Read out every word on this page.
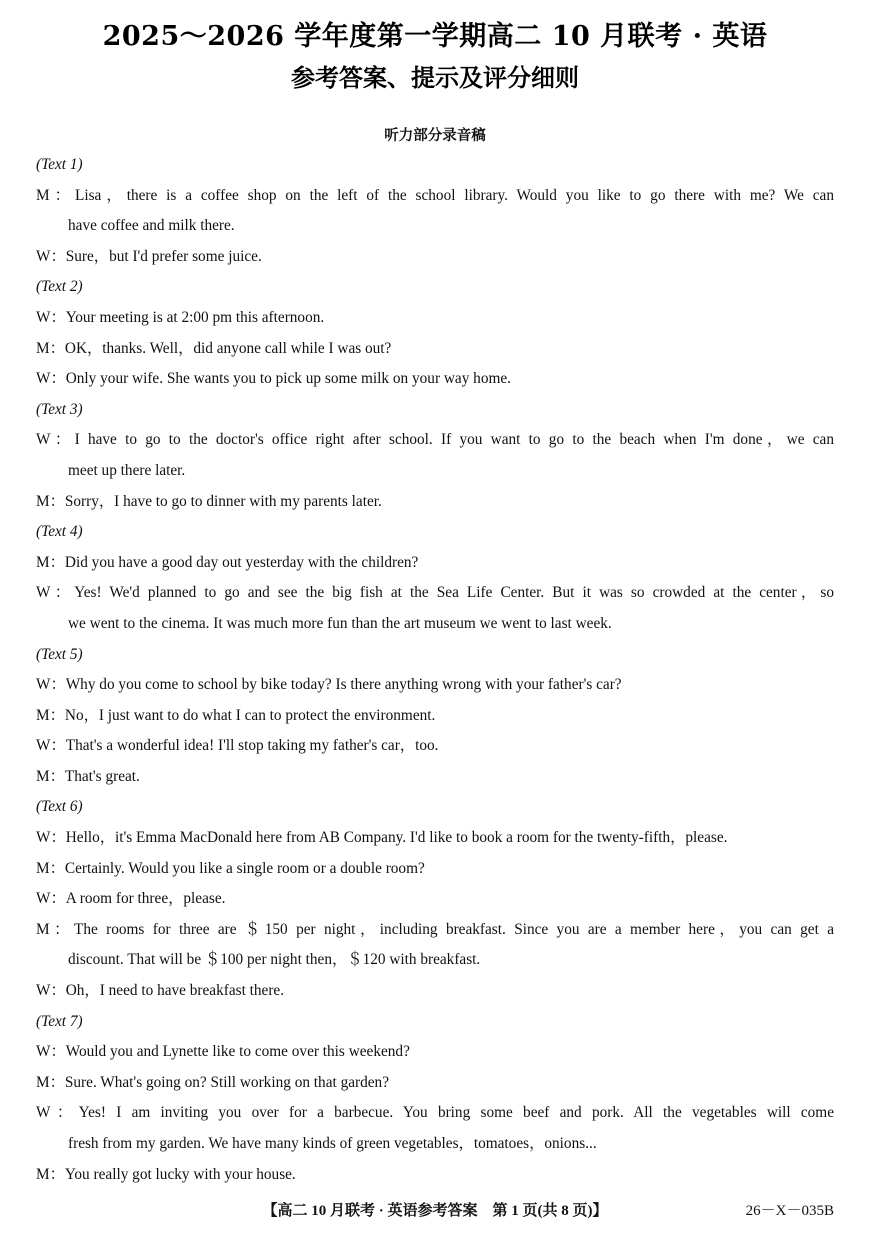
2025～2026 学年度第一学期高二 10 月联考 · 英语
参考答案、提示及评分细则
听力部分录音稿
(Text 1)
M：Lisa，there is a coffee shop on the left of the school library. Would you like to go there with me? We can
have coffee and milk there.
W：Sure，but I'd prefer some juice.
(Text 2)
W：Your meeting is at 2:00 pm this afternoon.
M：OK，thanks. Well，did anyone call while I was out?
W：Only your wife. She wants you to pick up some milk on your way home.
(Text 3)
W：I have to go to the doctor's office right after school. If you want to go to the beach when I'm done，we can
meet up there later.
M：Sorry，I have to go to dinner with my parents later.
(Text 4)
M：Did you have a good day out yesterday with the children?
W：Yes! We'd planned to go and see the big fish at the Sea Life Center. But it was so crowded at the center，so
we went to the cinema. It was much more fun than the art museum we went to last week.
(Text 5)
W：Why do you come to school by bike today? Is there anything wrong with your father's car?
M：No，I just want to do what I can to protect the environment.
W：That's a wonderful idea! I'll stop taking my father's car，too.
M：That's great.
(Text 6)
W：Hello，it's Emma MacDonald here from AB Company. I'd like to book a room for the twenty-fifth，please.
M：Certainly. Would you like a single room or a double room?
W：A room for three，please.
M：The rooms for three are ＄150 per night，including breakfast. Since you are a member here，you can get a
discount. That will be ＄100 per night then，＄120 with breakfast.
W：Oh，I need to have breakfast there.
(Text 7)
W：Would you and Lynette like to come over this weekend?
M：Sure. What's going on? Still working on that garden?
W：Yes! I am inviting you over for a barbecue. You bring some beef and pork. All the vegetables will come
fresh from my garden. We have many kinds of green vegetables，tomatoes，onions...
M：You really got lucky with your house.
【高二 10 月联考 · 英语参考答案　第 1 页(共 8 页)】	26－X－035B
